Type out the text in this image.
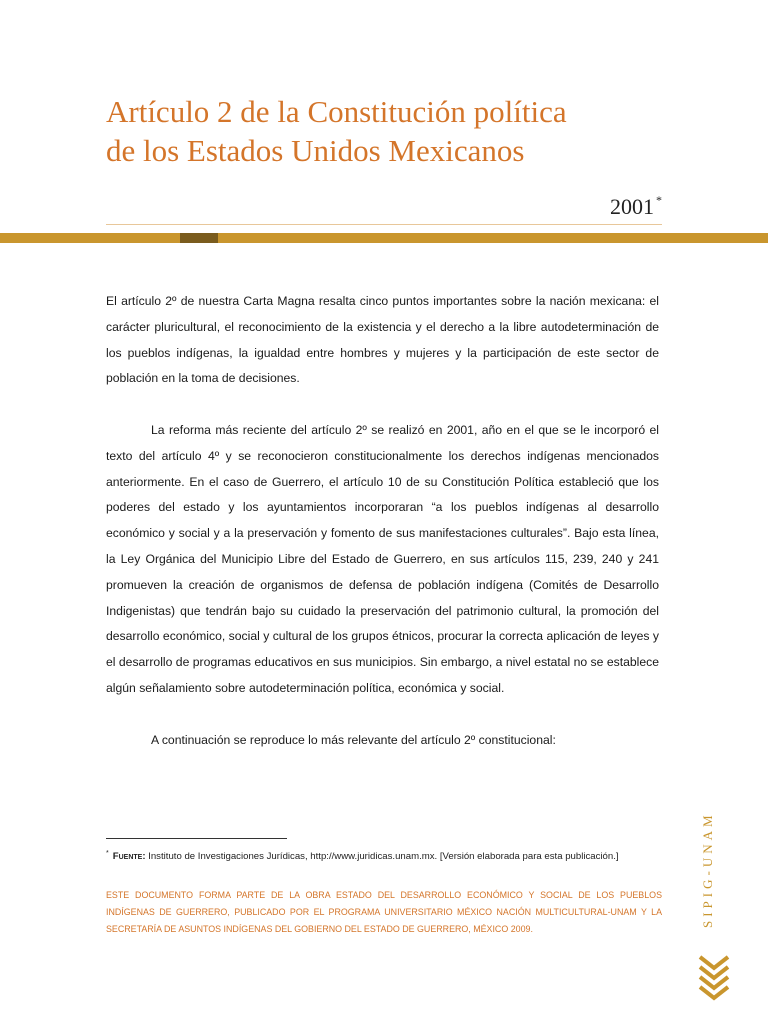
Artículo 2 de la Constitución política
de los Estados Unidos Mexicanos
2001 *

El artículo 2º de nuestra Carta Magna resalta cinco puntos importantes sobre la nación mexicana: el carácter pluricultural, el reconocimiento de la existencia y el derecho a la libre autodeterminación de los pueblos indígenas, la igualdad entre hombres y mujeres y la participación de este sector de población en la toma de decisiones.

La reforma más reciente del artículo 2º se realizó en 2001, año en el que se le incorporó el texto del artículo 4º y se reconocieron constitucionalmente los derechos indígenas mencionados anteriormente. En el caso de Guerrero, el artículo 10 de su Constitución Política estableció que los poderes del estado y los ayuntamientos incorporaran “a los pueblos indígenas al desarrollo económico y social y a la preservación y fomento de sus manifestaciones culturales”. Bajo esta línea, la Ley Orgánica del Municipio Libre del Estado de Guerrero, en sus artículos 115, 239, 240 y 241 promueven la creación de organismos de defensa de población indígena (Comités de Desarrollo Indigenistas) que tendrán bajo su cuidado la preservación del patrimonio cultural, la promoción del desarrollo económico, social y cultural de los grupos étnicos, procurar la correcta aplicación de leyes y el desarrollo de programas educativos en sus municipios. Sin embargo, a nivel estatal no se establece algún señalamiento sobre autodeterminación política, económica y social.

A continuación se reproduce lo más relevante del artículo 2º constitucional:

* Fuente: Instituto de Investigaciones Jurídicas, http://www.juridicas.unam.mx. [Versión elaborada para esta publicación.]
ESTE DOCUMENTO FORMA PARTE DE LA OBRA ESTADO DEL DESARROLLO ECONÓMICO Y SOCIAL DE LOS PUEBLOS INDÍGENAS DE GUERRERO, PUBLICADO POR EL PROGRAMA UNIVERSITARIO MÉXICO NACIÓN MULTICULTURAL-UNAM Y LA SECRETARÍA DE ASUNTOS INDÍGENAS DEL GOBIERNO DEL ESTADO DE GUERRERO, MÉXICO 2009.
SIPIG-UNAM
